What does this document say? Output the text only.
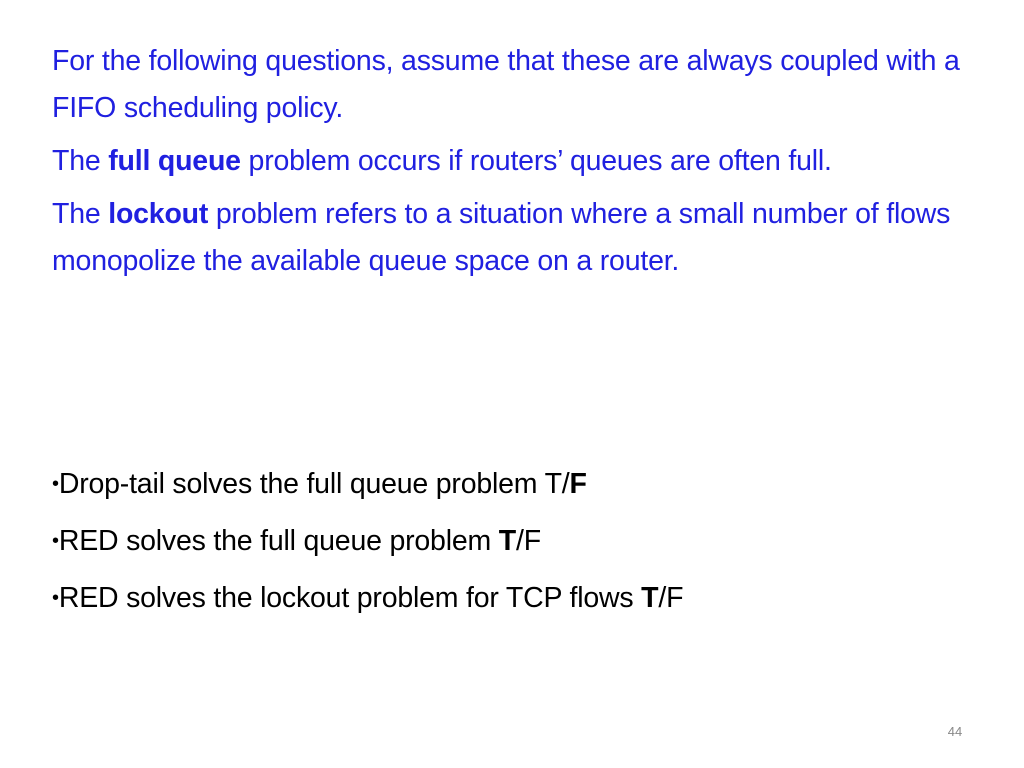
For the following questions, assume that these are always coupled with a FIFO scheduling policy.

The full queue problem occurs if routers’ queues are often full.

The lockout problem refers to a situation where a small number of flows monopolize the available queue space on a router.

•Drop-tail solves the full queue problem T/F
•RED solves the full queue problem T/F
•RED solves the lockout problem for TCP flows T/F
44
